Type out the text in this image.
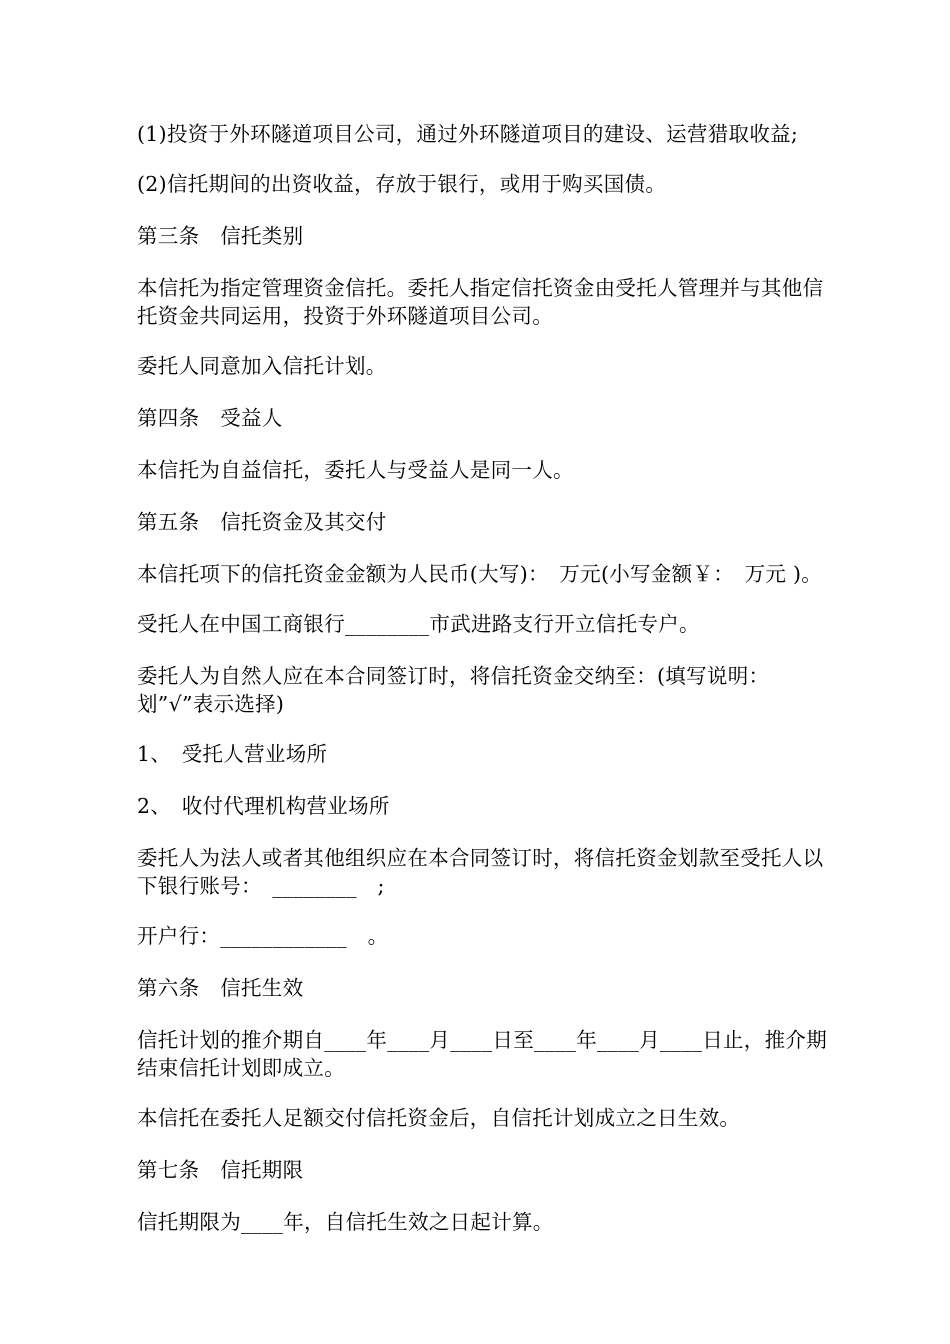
(1)投资于外环隧道项目公司，通过外环隧道项目的建设、运营猎取收益;

(2)信托期间的出资收益，存放于银行，或用于购买国债。

第三条　信托类别

本信托为指定管理资金信托。委托人指定信托资金由受托人管理并与其他信托资金共同运用，投资于外环隧道项目公司。

委托人同意加入信托计划。

第四条　受益人

本信托为自益信托，委托人与受益人是同一人。

第五条　信托资金及其交付

本信托项下的信托资金金额为人民币(大写)：　万元(小写金额￥：　万元 )。

受托人在中国工商银行________市武进路支行开立信托专户。

委托人为自然人应在本合同签订时，将信托资金交纳至：(填写说明：划”√”表示选择)

1、　受托人营业场所

2、　收付代理机构营业场所

委托人为法人或者其他组织应在本合同签订时，将信托资金划款至受托人以下银行账号：　________　;

开户行：____________　。

第六条　信托生效

信托计划的推介期自____年____月____日至____年____月____日止，推介期结束信托计划即成立。

本信托在委托人足额交付信托资金后，自信托计划成立之日生效。

第七条　信托期限

信托期限为____年，自信托生效之日起计算。
